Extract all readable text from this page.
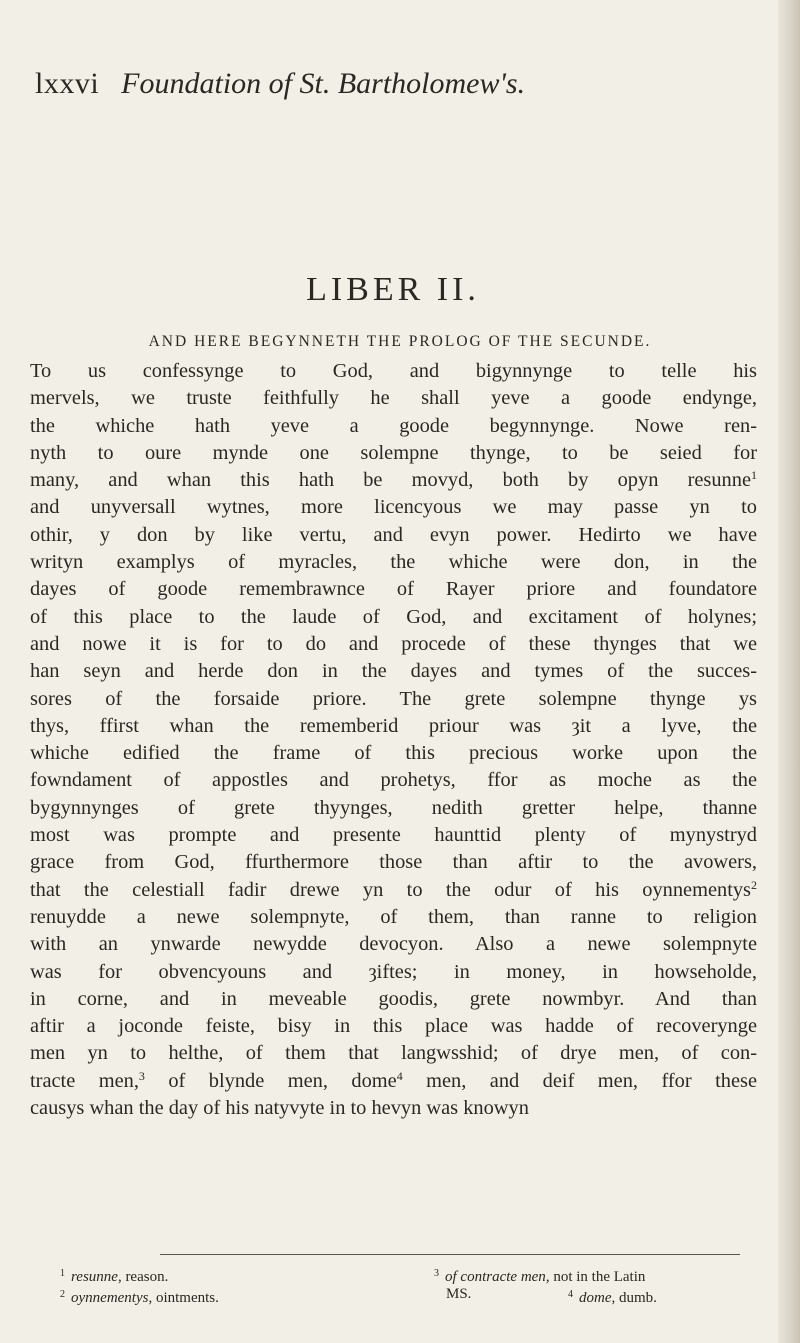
lxxvi Foundation of St. Bartholomew's.
LIBER II.
AND HERE BEGYNNETH THE PROLOG OF THE SECUNDE.
To us confessynge to God, and bigynnynge to telle his
mervels, we truste feithfully he shall yeve a goode endynge,
the whiche hath yeve a goode begynnynge. Nowe ren-
nyth to oure mynde one solempne thynge, to be seied for
many, and whan this hath be movyd, both by opyn resunne$^1$
and unyversall wytnes, more licencyous we may passe yn to
othir, y don by like vertu, and evyn power. Hedirto we have
writyn examplys of myracles, the whiche were don, in the
dayes of goode remembrawnce of Rayer priore and foundatore
of this place to the laude of God, and excitament of holynes;
and nowe it is for to do and procede of these thynges that we
han seyn and herde don in the dayes and tymes of the succes-
sores of the forsaide priore. The grete solempne thynge ys
thys, ffirst whan the rememberid priour was ȝit a lyve, the
whiche edified the frame of this precious worke upon the
fowndament of appostles and prohetys, ffor as moche as the
bygynnynges of grete thyynges, nedith gretter helpe, thanne
most was prompte and presente haunttid plenty of mynystryd
grace from God, ffurthermore those than aftir to the avowers,
that the celestiall fadir drewe yn to the odur of his oynnementys$^2$
renuydde a newe solempnyte, of them, than ranne to religion
with an ynwarde newydde devocyon. Also a newe solempnyte
was for obvencyouns and ȝiftes; in money, in howseholde,
in corne, and in meveable goodis, grete nowmbyr. And than
aftir a joconde feiste, bisy in this place was hadde of recoverynge
men yn to helthe, of them that langwsshid; of drye men, of con-
tracte men,$^3$ of blynde men, dome$^4$ men, and deif men, ffor these
causys whan the day of his natyvyte in to hevyn was knowyn
$^1$ resunne, reason.
$^2$ oynnementys, ointments.
$^3$ of contracte men, not in the Latin
MS.	$^4$ dome, dumb.
